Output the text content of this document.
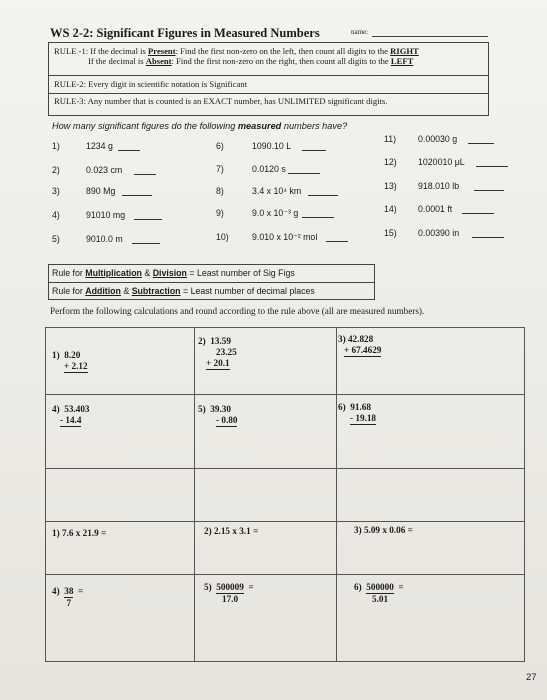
WS 2-2: Significant Figures in Measured Numbers	name:
RULE -1: If the decimal is Present: Find the first non-zero on the left, then count all digits to the RIGHT
If the decimal is Absent: Find the first non-zero on the right, then count all digits to the LEFT
RULE-2: Every digit in scientific notation is Significant
RULE-3: Any number that is counted is an EXACT number, has UNLIMITED significant digits.
How many significant figures do the following measured numbers have?
1)	1234 g
2)	0.023 cm
3)	890 Mg
4)	91010 mg
5)	9010.0 m
6)	1090.10 L
7)	0.0120 s
8)	3.4 x 10⁴ km
9)	9.0 x 10⁻³ g
10)	9.010 x 10⁻² mol
11) 0.00030 g
12) 1020010 μL
13) 918.010 lb
14) 0.0001 ft
15) 0.00390 in
Rule for Multiplication & Division = Least number of Sig Figs
Rule for Addition & Subtraction = Least number of decimal places
Perform the following calculations and round according to the rule above (all are measured numbers).
1) 8.20
+ 2.12
2) 13.59
23.25
+ 20.1
3) 42.828
+ 67.4629
4) 53.403
- 14.4
5) 39.30
- 0.80
6) 91.68
- 19.18
1) 7.6 x 21.9 =	2) 2.15 x 3.1 =	3) 5.09 x 0.06 =
$4) \frac{38}{7}$ =	$5) \frac{500009}{17.0}$ =	$6) \frac{500000}{5.01}$ =
27
